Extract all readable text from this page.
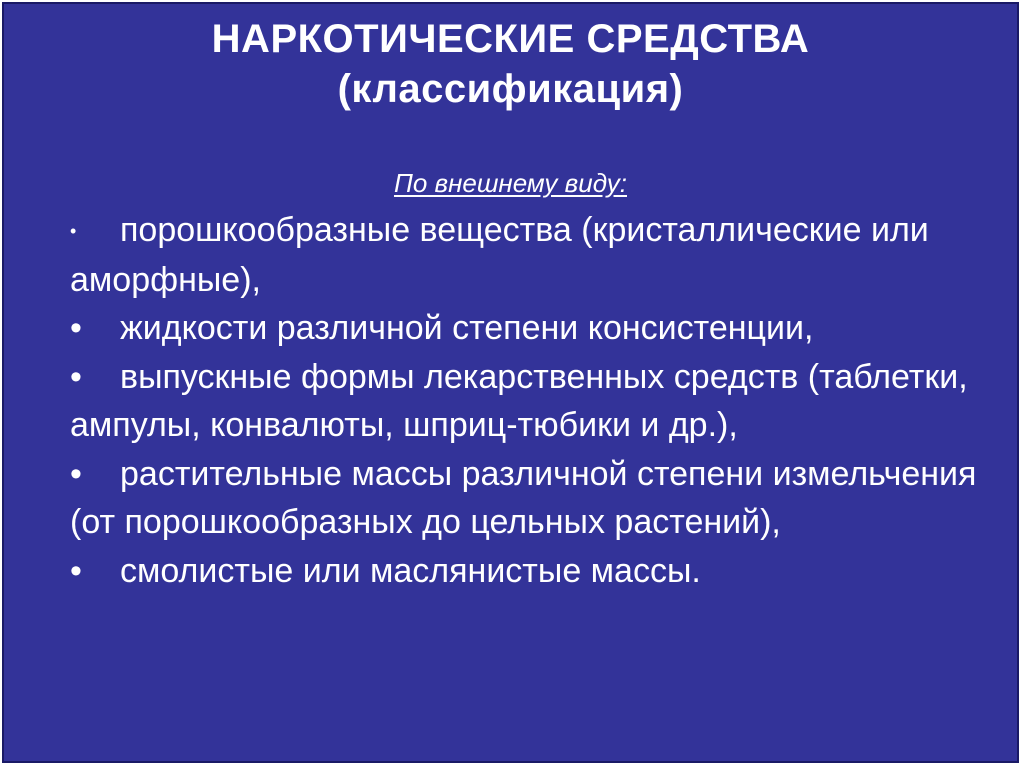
НАРКОТИЧЕСКИЕ СРЕДСТВА
(классификация)
По внешнему виду:

• порошкообразные вещества (кристаллические или аморфные),

• жидкости различной степени консистенции,

• выпускные формы лекарственных средств (таблетки, ампулы, конвалюты, шприц-тюбики и др.),

• растительные массы различной степени измельчения (от порошкообразных до цельных растений),

• смолистые или маслянистые массы.
